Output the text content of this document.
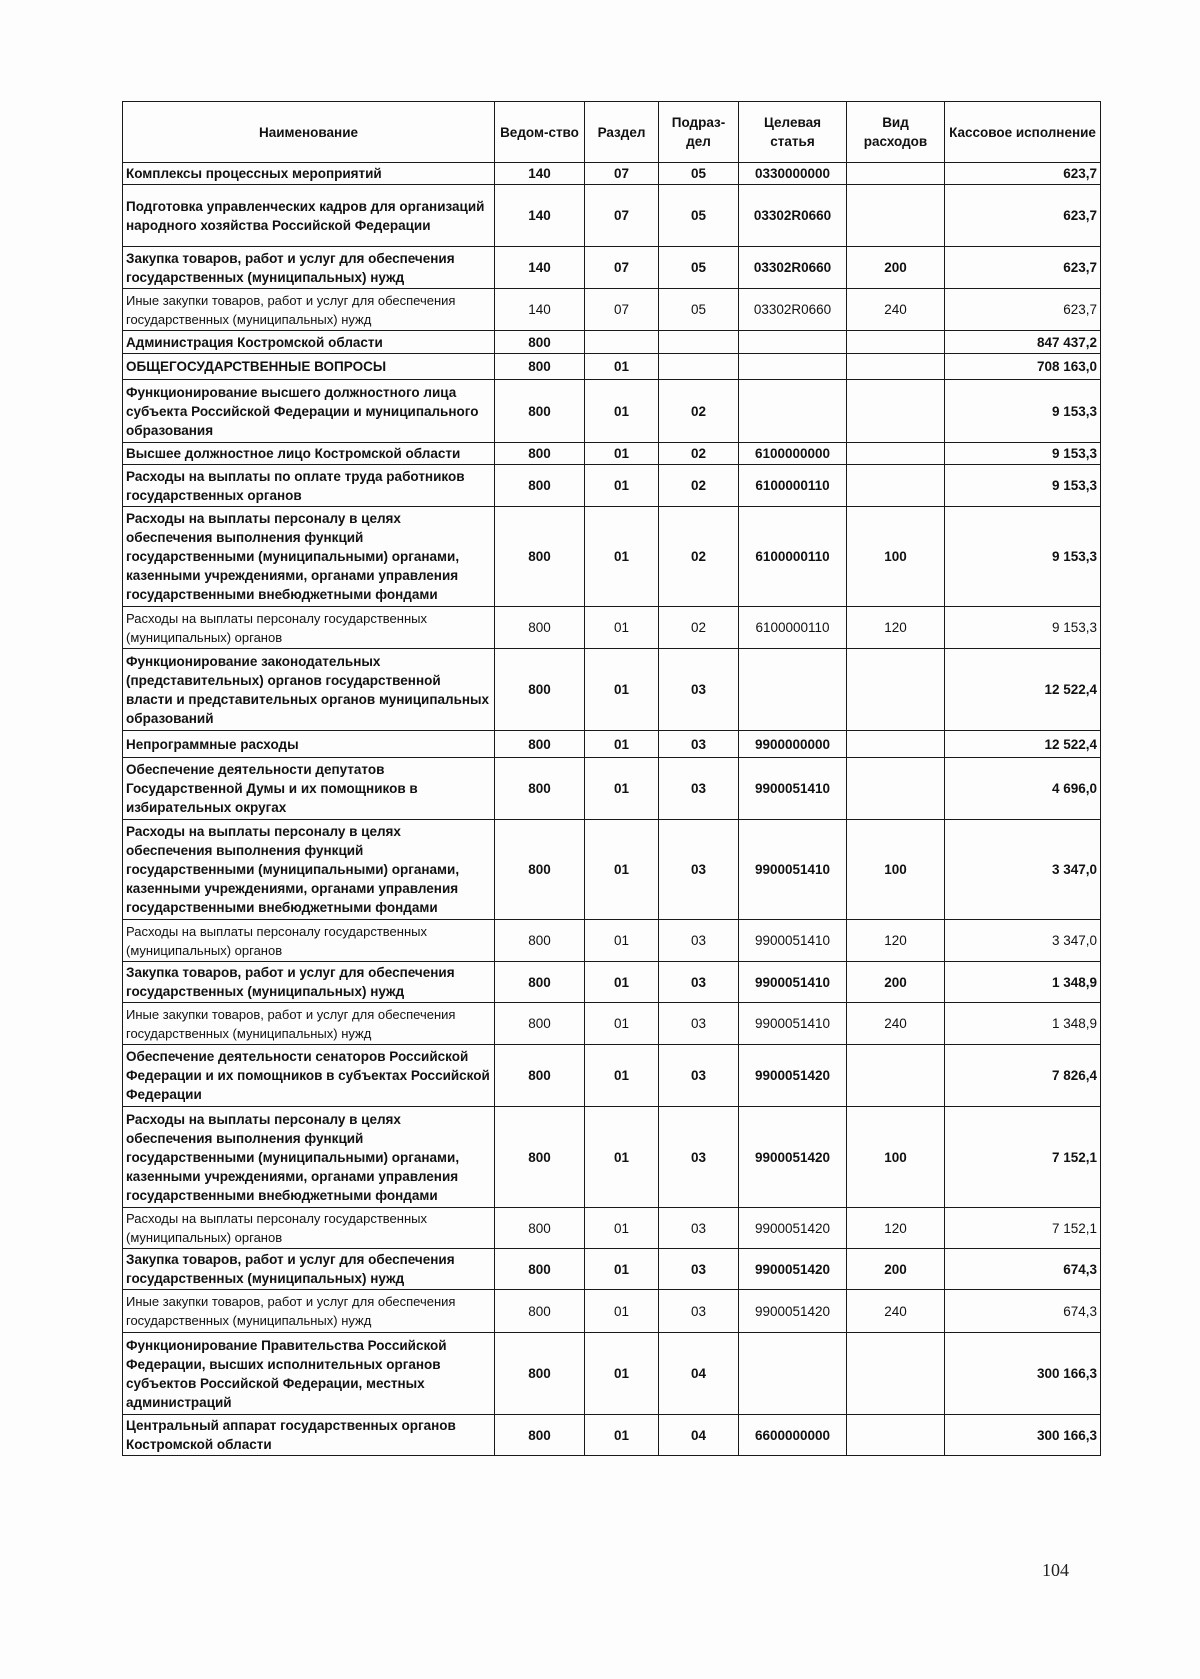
Наименование	Ведом-ство	Раздел	Подраз-дел	Целевая статья	Вид расходов	Кассовое исполнение
Комплексы процессных мероприятий	140	07	05	0330000000		623,7
Подготовка управленческих кадров для организаций народного хозяйства Российской Федерации	140	07	05	03302R0660		623,7
Закупка товаров, работ и услуг для обеспечения государственных (муниципальных) нужд	140	07	05	03302R0660	200	623,7
Иные закупки товаров, работ и услуг для обеспечения государственных (муниципальных) нужд	140	07	05	03302R0660	240	623,7
Администрация Костромской области	800					847 437,2
ОБЩЕГОСУДАРСТВЕННЫЕ ВОПРОСЫ	800	01				708 163,0
Функционирование высшего должностного лица субъекта Российской Федерации и муниципального образования	800	01	02			9 153,3
Высшее должностное лицо Костромской области	800	01	02	6100000000		9 153,3
Расходы на выплаты по оплате труда работников государственных органов	800	01	02	6100000110		9 153,3
Расходы на выплаты персоналу в целях обеспечения выполнения функций государственными (муниципальными) органами, казенными учреждениями, органами управления государственными внебюджетными фондами	800	01	02	6100000110	100	9 153,3
Расходы на выплаты персоналу государственных (муниципальных) органов	800	01	02	6100000110	120	9 153,3
Функционирование законодательных (представительных) органов государственной власти и представительных органов муниципальных образований	800	01	03			12 522,4
Непрограммные расходы	800	01	03	9900000000		12 522,4
Обеспечение деятельности депутатов Государственной Думы и их помощников в избирательных округах	800	01	03	9900051410		4 696,0
Расходы на выплаты персоналу в целях обеспечения выполнения функций государственными (муниципальными) органами, казенными учреждениями, органами управления государственными внебюджетными фондами	800	01	03	9900051410	100	3 347,0
Расходы на выплаты персоналу государственных (муниципальных) органов	800	01	03	9900051410	120	3 347,0
Закупка товаров, работ и услуг для обеспечения государственных (муниципальных) нужд	800	01	03	9900051410	200	1 348,9
Иные закупки товаров, работ и услуг для обеспечения государственных (муниципальных) нужд	800	01	03	9900051410	240	1 348,9
Обеспечение деятельности сенаторов Российской Федерации и их помощников в субъектах Российской Федерации	800	01	03	9900051420		7 826,4
Расходы на выплаты персоналу в целях обеспечения выполнения функций государственными (муниципальными) органами, казенными учреждениями, органами управления государственными внебюджетными фондами	800	01	03	9900051420	100	7 152,1
Расходы на выплаты персоналу государственных (муниципальных) органов	800	01	03	9900051420	120	7 152,1
Закупка товаров, работ и услуг для обеспечения государственных (муниципальных) нужд	800	01	03	9900051420	200	674,3
Иные закупки товаров, работ и услуг для обеспечения государственных (муниципальных) нужд	800	01	03	9900051420	240	674,3
Функционирование Правительства Российской Федерации, высших исполнительных органов субъектов Российской Федерации, местных администраций	800	01	04			300 166,3
Центральный аппарат государственных органов Костромской области	800	01	04	6600000000		300 166,3
104
